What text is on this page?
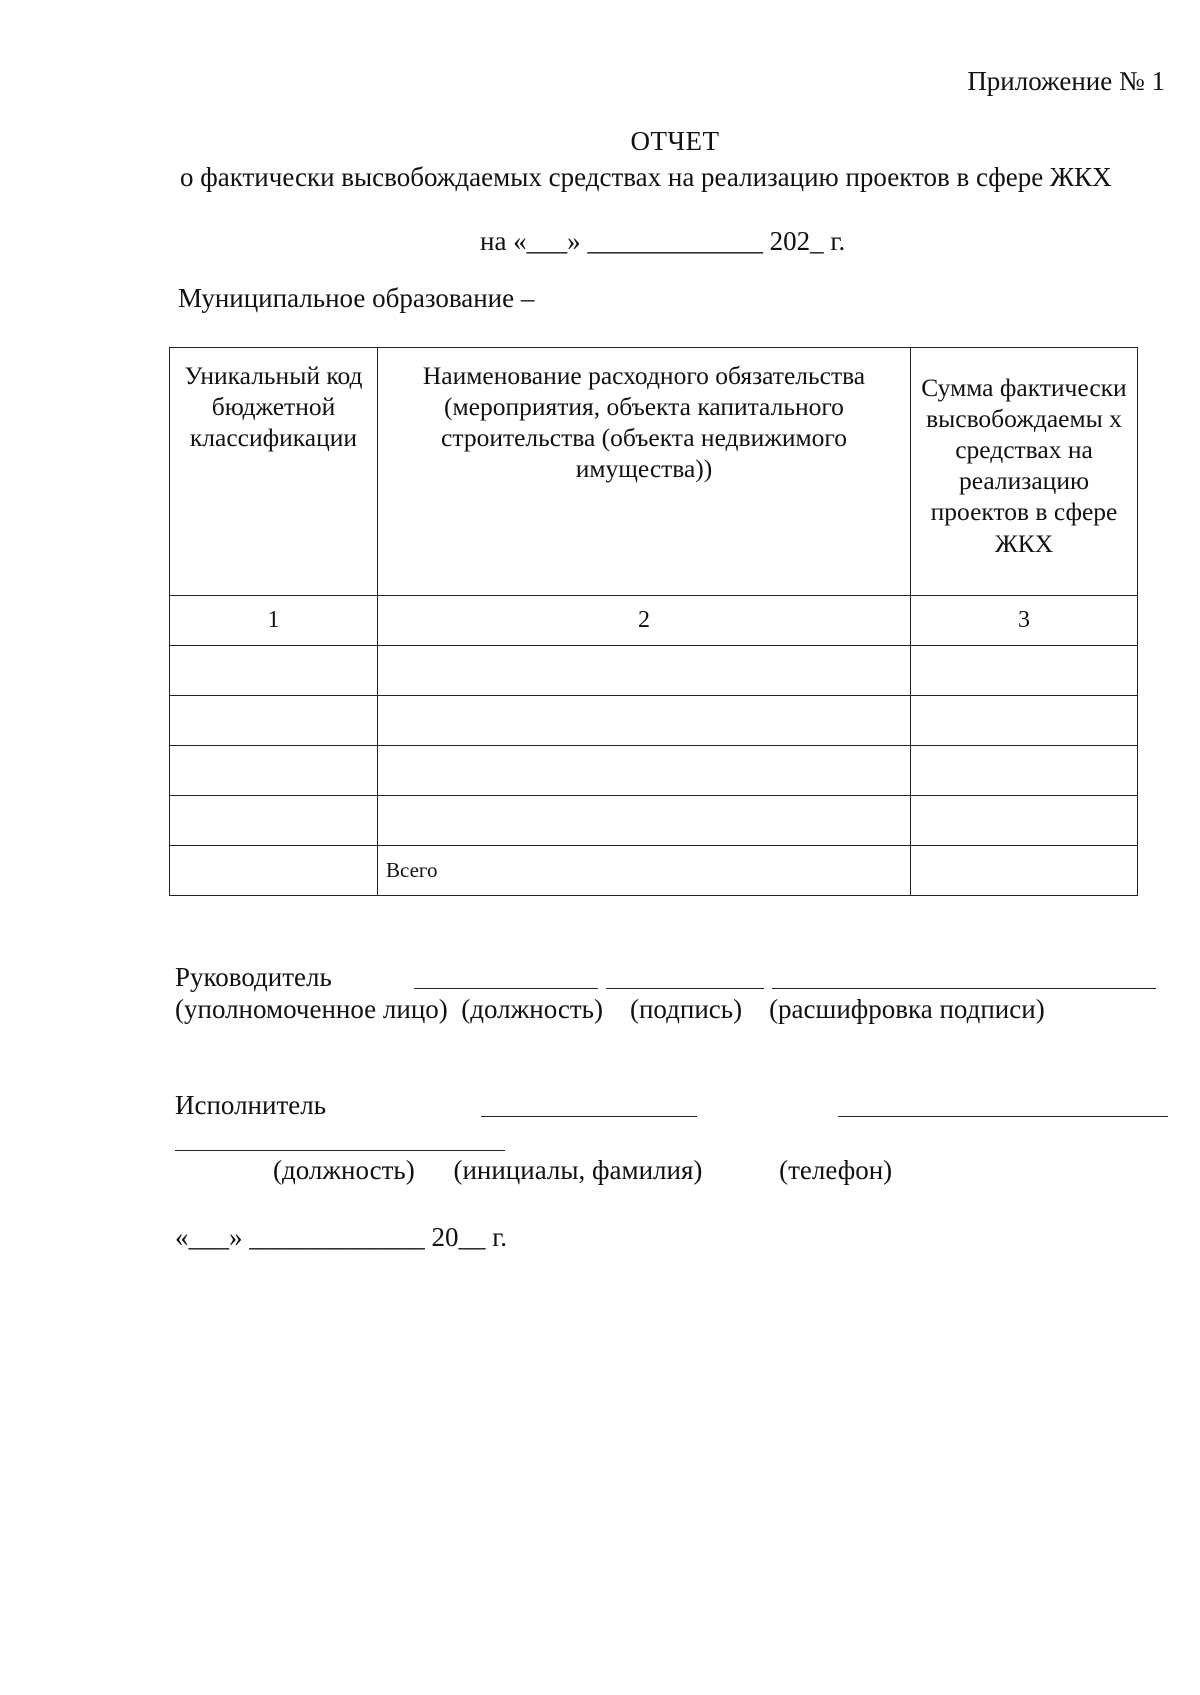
Приложение № 1
ОТЧЕТ
о фактически высвобождаемых средствах на реализацию проектов в сфере ЖКХ
на «___» _____________ 202_ г.
Муниципальное образование –
Уникальный код бюджетной классификации	Наименование расходного обязательства (мероприятия, объекта капитального строительства (объекта недвижимого имущества))	Сумма фактически высвобождаемы х средствах на реализацию проектов в сфере ЖКХ
1	2	3

	Всего	
Руководитель
(уполномоченное лицо)  (должность)    (подпись)    (расшифровка подписи)
Исполнитель
(должность) (инициалы, фамилия)	(телефон)
«___» _____________ 20__ г.
